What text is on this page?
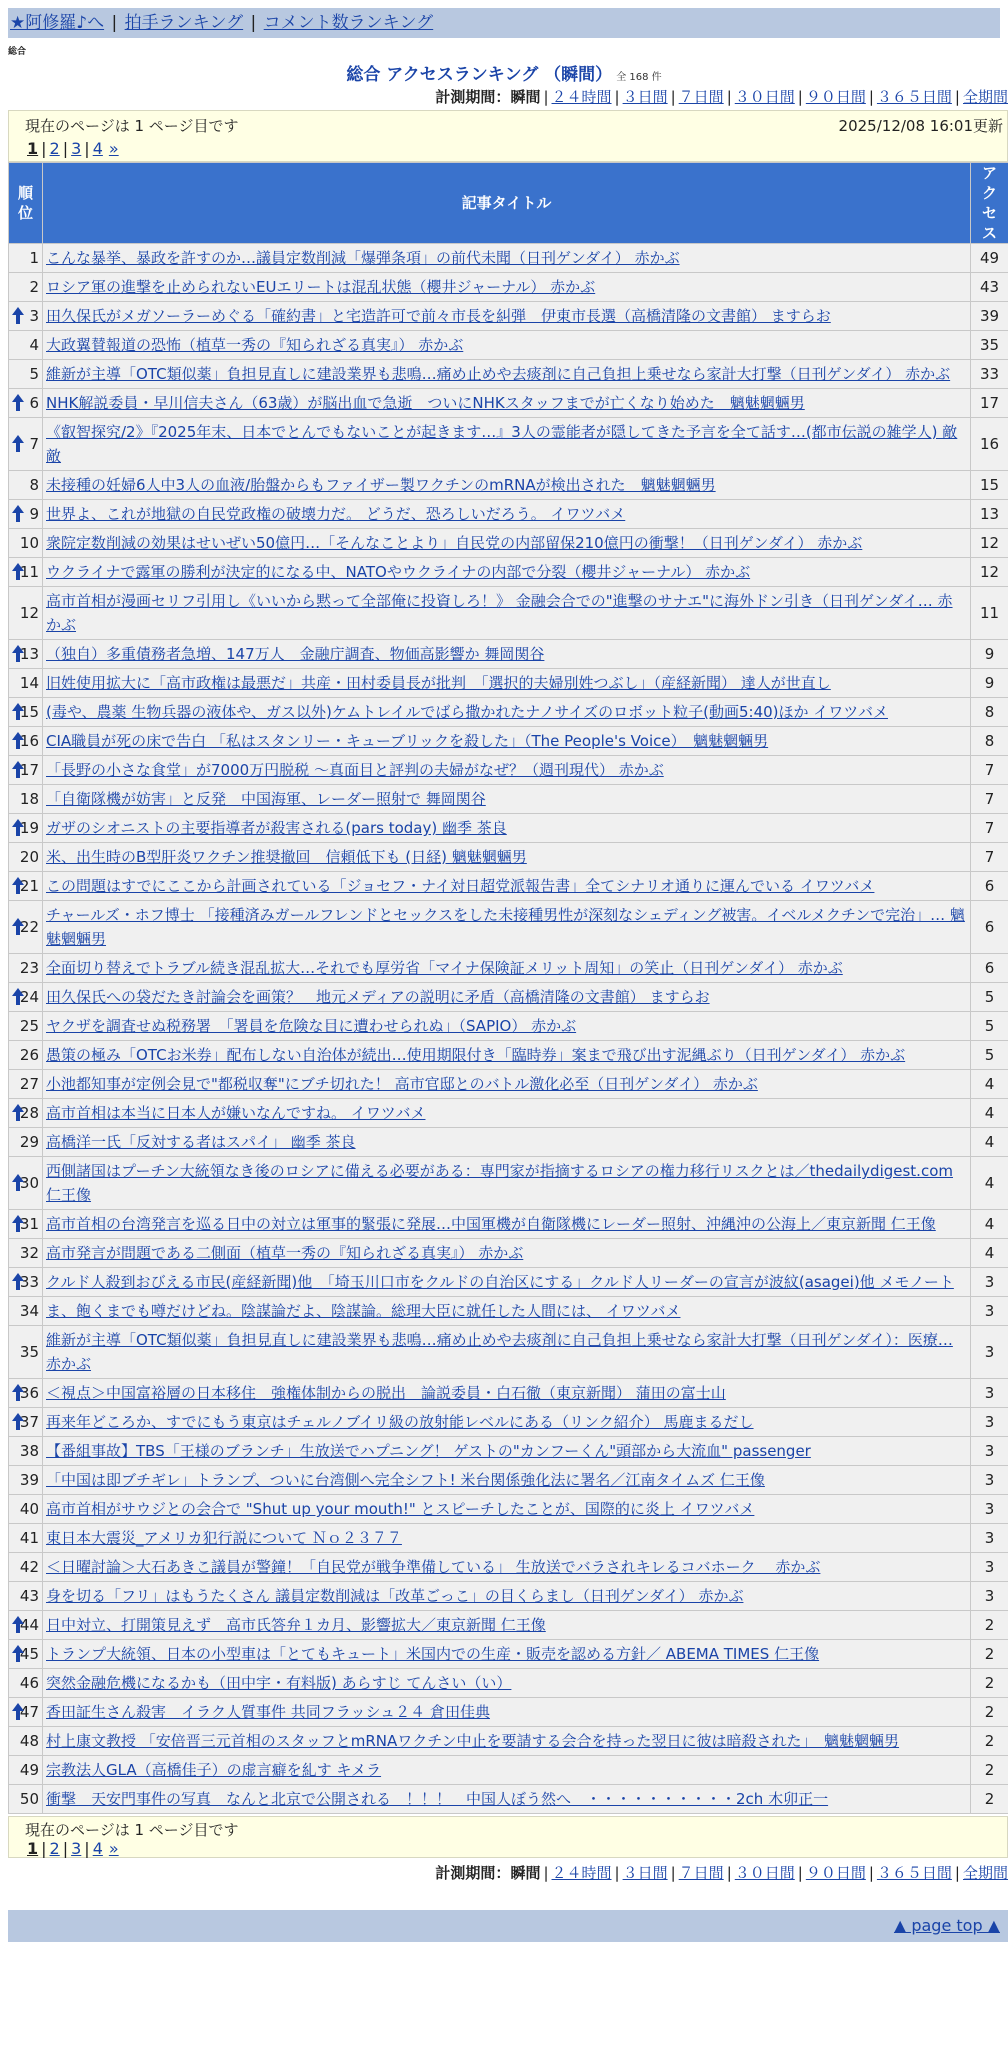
★阿修羅♪へ | 拍手ランキング | コメント数ランキング
総合
総合 アクセスランキング （瞬間） 全 168 件
計測期間：瞬間 | ２４時間 | ３日間 | ７日間 | ３０日間 | ９０日間 | ３６５日間 | 全期間
現在のページは 1 ページ目です	2025/12/08 16:01更新
1 | 2 | 3 | 4 »
順位	記事タイトル	アクセス
1	こんな暴挙、暴政を許すのか…議員定数削減「爆弾条項」の前代未聞（日刊ゲンダイ） 赤かぶ	49
2	ロシア軍の進撃を止められないEUエリートは混乱状態（櫻井ジャーナル） 赤かぶ	43

3	田久保氏がメガソーラーめぐる「確約書」と宅造許可で前々市長を糾弾　伊東市長選（高橋清隆の文書館） ますらお	39
4	大政翼賛報道の恐怖（植草一秀の『知られざる真実』） 赤かぶ	35
5	維新が主導「OTC類似薬」負担見直しに建設業界も悲鳴…痛め止めや去痰剤に自己負担上乗せなら家計大打撃（日刊ゲンダイ） 赤かぶ	33

6	NHK解説委員・早川信夫さん（63歳）が脳出血で急逝　ついにNHKスタッフまでが亡くなり始めた　魑魅魍魎男	17

7	《叡智探究/2》『2025年末、日本でとんでもないことが起きます…』3人の霊能者が隠してきた予言を全て話す…(都市伝説の雑学人) 敵敵	16
8	未接種の妊婦6人中3人の血液/胎盤からもファイザー製ワクチンのmRNAが検出された　魑魅魍魎男	15

9	世界よ、これが地獄の自民党政権の破壊力だ。 どうだ、恐ろしいだろう。 イワツバメ	13
10	衆院定数削減の効果はせいぜい50億円…「そんなことより」自民党の内部留保210億円の衝撃！（日刊ゲンダイ） 赤かぶ	12

11	ウクライナで露軍の勝利が決定的になる中、NATOやウクライナの内部で分裂（櫻井ジャーナル） 赤かぶ	12
12	高市首相が漫画セリフ引用し《いいから黙って全部俺に投資しろ！》 金融会合での"進撃のサナエ"に海外ドン引き（日刊ゲンダイ… 赤かぶ	11

13	（独自）多重債務者急増、147万人　金融庁調査、物価高影響か 舞岡関谷	9
14	旧姓使用拡大に「高市政権は最悪だ」共産・田村委員長が批判　「選択的夫婦別姓つぶし」（産経新聞） 達人が世直し	9

15	(毒や、農薬 生物兵器の液体や、ガス以外)ケムトレイルでばら撒かれたナノサイズのロボット粒子(動画5:40)ほか イワツバメ	8

16	CIA職員が死の床で告白 「私はスタンリー・キューブリックを殺した」（The People's Voice）　魑魅魍魎男	8

17	「長野の小さな食堂」が7000万円脱税 ～真面目と評判の夫婦がなぜ？（週刊現代） 赤かぶ	7
18	「自衛隊機が妨害」と反発　中国海軍、レーダー照射で 舞岡関谷	7

19	ガザのシオニストの主要指導者が殺害される(pars today) 幽季 茶良	7
20	米、出生時のB型肝炎ワクチン推奨撤回　信頼低下も (日経) 魑魅魍魎男	7

21	この問題はすでにここから計画されている「ジョセフ・ナイ対日超党派報告書」全てシナリオ通りに運んでいる イワツバメ	6

22	チャールズ・ホフ博士 「接種済みガールフレンドとセックスをした未接種男性が深刻なシェディング被害。イベルメクチンで完治」… 魑魅魍魎男	6
23	全面切り替えでトラブル続き混乱拡大…それでも厚労省「マイナ保険証メリット周知」の笑止（日刊ゲンダイ） 赤かぶ	6

24	田久保氏への袋だたき討論会を画策？　地元メディアの説明に矛盾（高橋清隆の文書館） ますらお	5
25	ヤクザを調査せぬ税務署　「署員を危険な目に遭わせられぬ」（SAPIO） 赤かぶ	5
26	愚策の極み「OTCお米券」配布しない自治体が続出…使用期限付き「臨時券」案まで飛び出す泥縄ぶり（日刊ゲンダイ） 赤かぶ	5
27	小池都知事が定例会見で"都税収奪"にブチ切れた！ 高市官邸とのバトル激化必至（日刊ゲンダイ） 赤かぶ	4

28	高市首相は本当に日本人が嫌いなんですね。 イワツバメ	4
29	高橋洋一氏「反対する者はスパイ」 幽季 茶良	4

30	西側諸国はプーチン大統領なき後のロシアに備える必要がある：専門家が指摘するロシアの権力移行リスクとは／thedailydigest.com 仁王像	4

31	高市首相の台湾発言を巡る日中の対立は軍事的緊張に発展…中国軍機が自衛隊機にレーダー照射、沖縄沖の公海上／東京新聞 仁王像	4
32	高市発言が問題である二側面（植草一秀の『知られざる真実』） 赤かぶ	4

33	クルド人殺到おびえる市民(産経新聞)他　「埼玉川口市をクルドの自治区にする」クルド人リーダーの宣言が波紋(asagei)他 メモノート	3
34	ま、飽くまでも噂だけどね。陰謀論だよ、陰謀論。総理大臣に就任した人間には、 イワツバメ	3
35	維新が主導「OTC類似薬」負担見直しに建設業界も悲鳴…痛め止めや去痰剤に自己負担上乗せなら家計大打撃（日刊ゲンダイ）：医療… 赤かぶ	3

36	＜視点＞中国富裕層の日本移住　強権体制からの脱出　論説委員・白石徹（東京新聞） 蒲田の富士山	3

37	再来年どころか、すでにもう東京はチェルノブイリ級の放射能レベルにある（リンク紹介） 馬鹿まるだし	3
38	【番組事故】TBS「王様のブランチ」生放送でハプニング！ ゲストの"カンフーくん"頭部から大流血" passenger	3
39	「中国は即ブチギレ」トランプ、ついに台湾側へ完全シフト! 米台関係強化法に署名／江南タイムズ 仁王像	3
40	高市首相がサウジとの会合で "Shut up your mouth!" とスピーチしたことが、国際的に炎上 イワツバメ	3
41	東日本大震災_アメリカ犯行説について Ｎｏ２３７７	3
42	＜日曜討論＞大石あきこ議員が警鐘！「自民党が戦争準備している」 生放送でバラされキレるコバホーク　 赤かぶ	3
43	身を切る「フリ」はもうたくさん 議員定数削減は「改革ごっこ」の目くらまし（日刊ゲンダイ） 赤かぶ	3

44	日中対立、打開策見えず　高市氏答弁１カ月、影響拡大／東京新聞 仁王像	2

45	トランプ大統領、日本の小型車は「とてもキュート」米国内での生産・販売を認める方針／ ABEMA TIMES 仁王像	2
46	突然金融危機になるかも（田中宇・有料版) あらすじ てんさい（い）	2

47	香田証生さん殺害　イラク人質事件 共同フラッシュ２４ 倉田佳典	2
48	村上康文教授 「安倍晋三元首相のスタッフとmRNAワクチン中止を要請する会合を持った翌日に彼は暗殺された」　魑魅魍魎男	2
49	宗教法人GLA（高橋佳子）の虚言癖を糺す キメラ	2
50	衝撃　天安門事件の写真　なんと北京で公開される　！！！　中国人ぼう然へ　・・・・・・・・・・2ch 木卯正一	2
現在のページは 1 ページ目です
1 | 2 | 3 | 4 »
計測期間：瞬間 | ２４時間 | ３日間 | ７日間 | ３０日間 | ９０日間 | ３６５日間 | 全期間
▲ page top ▲
